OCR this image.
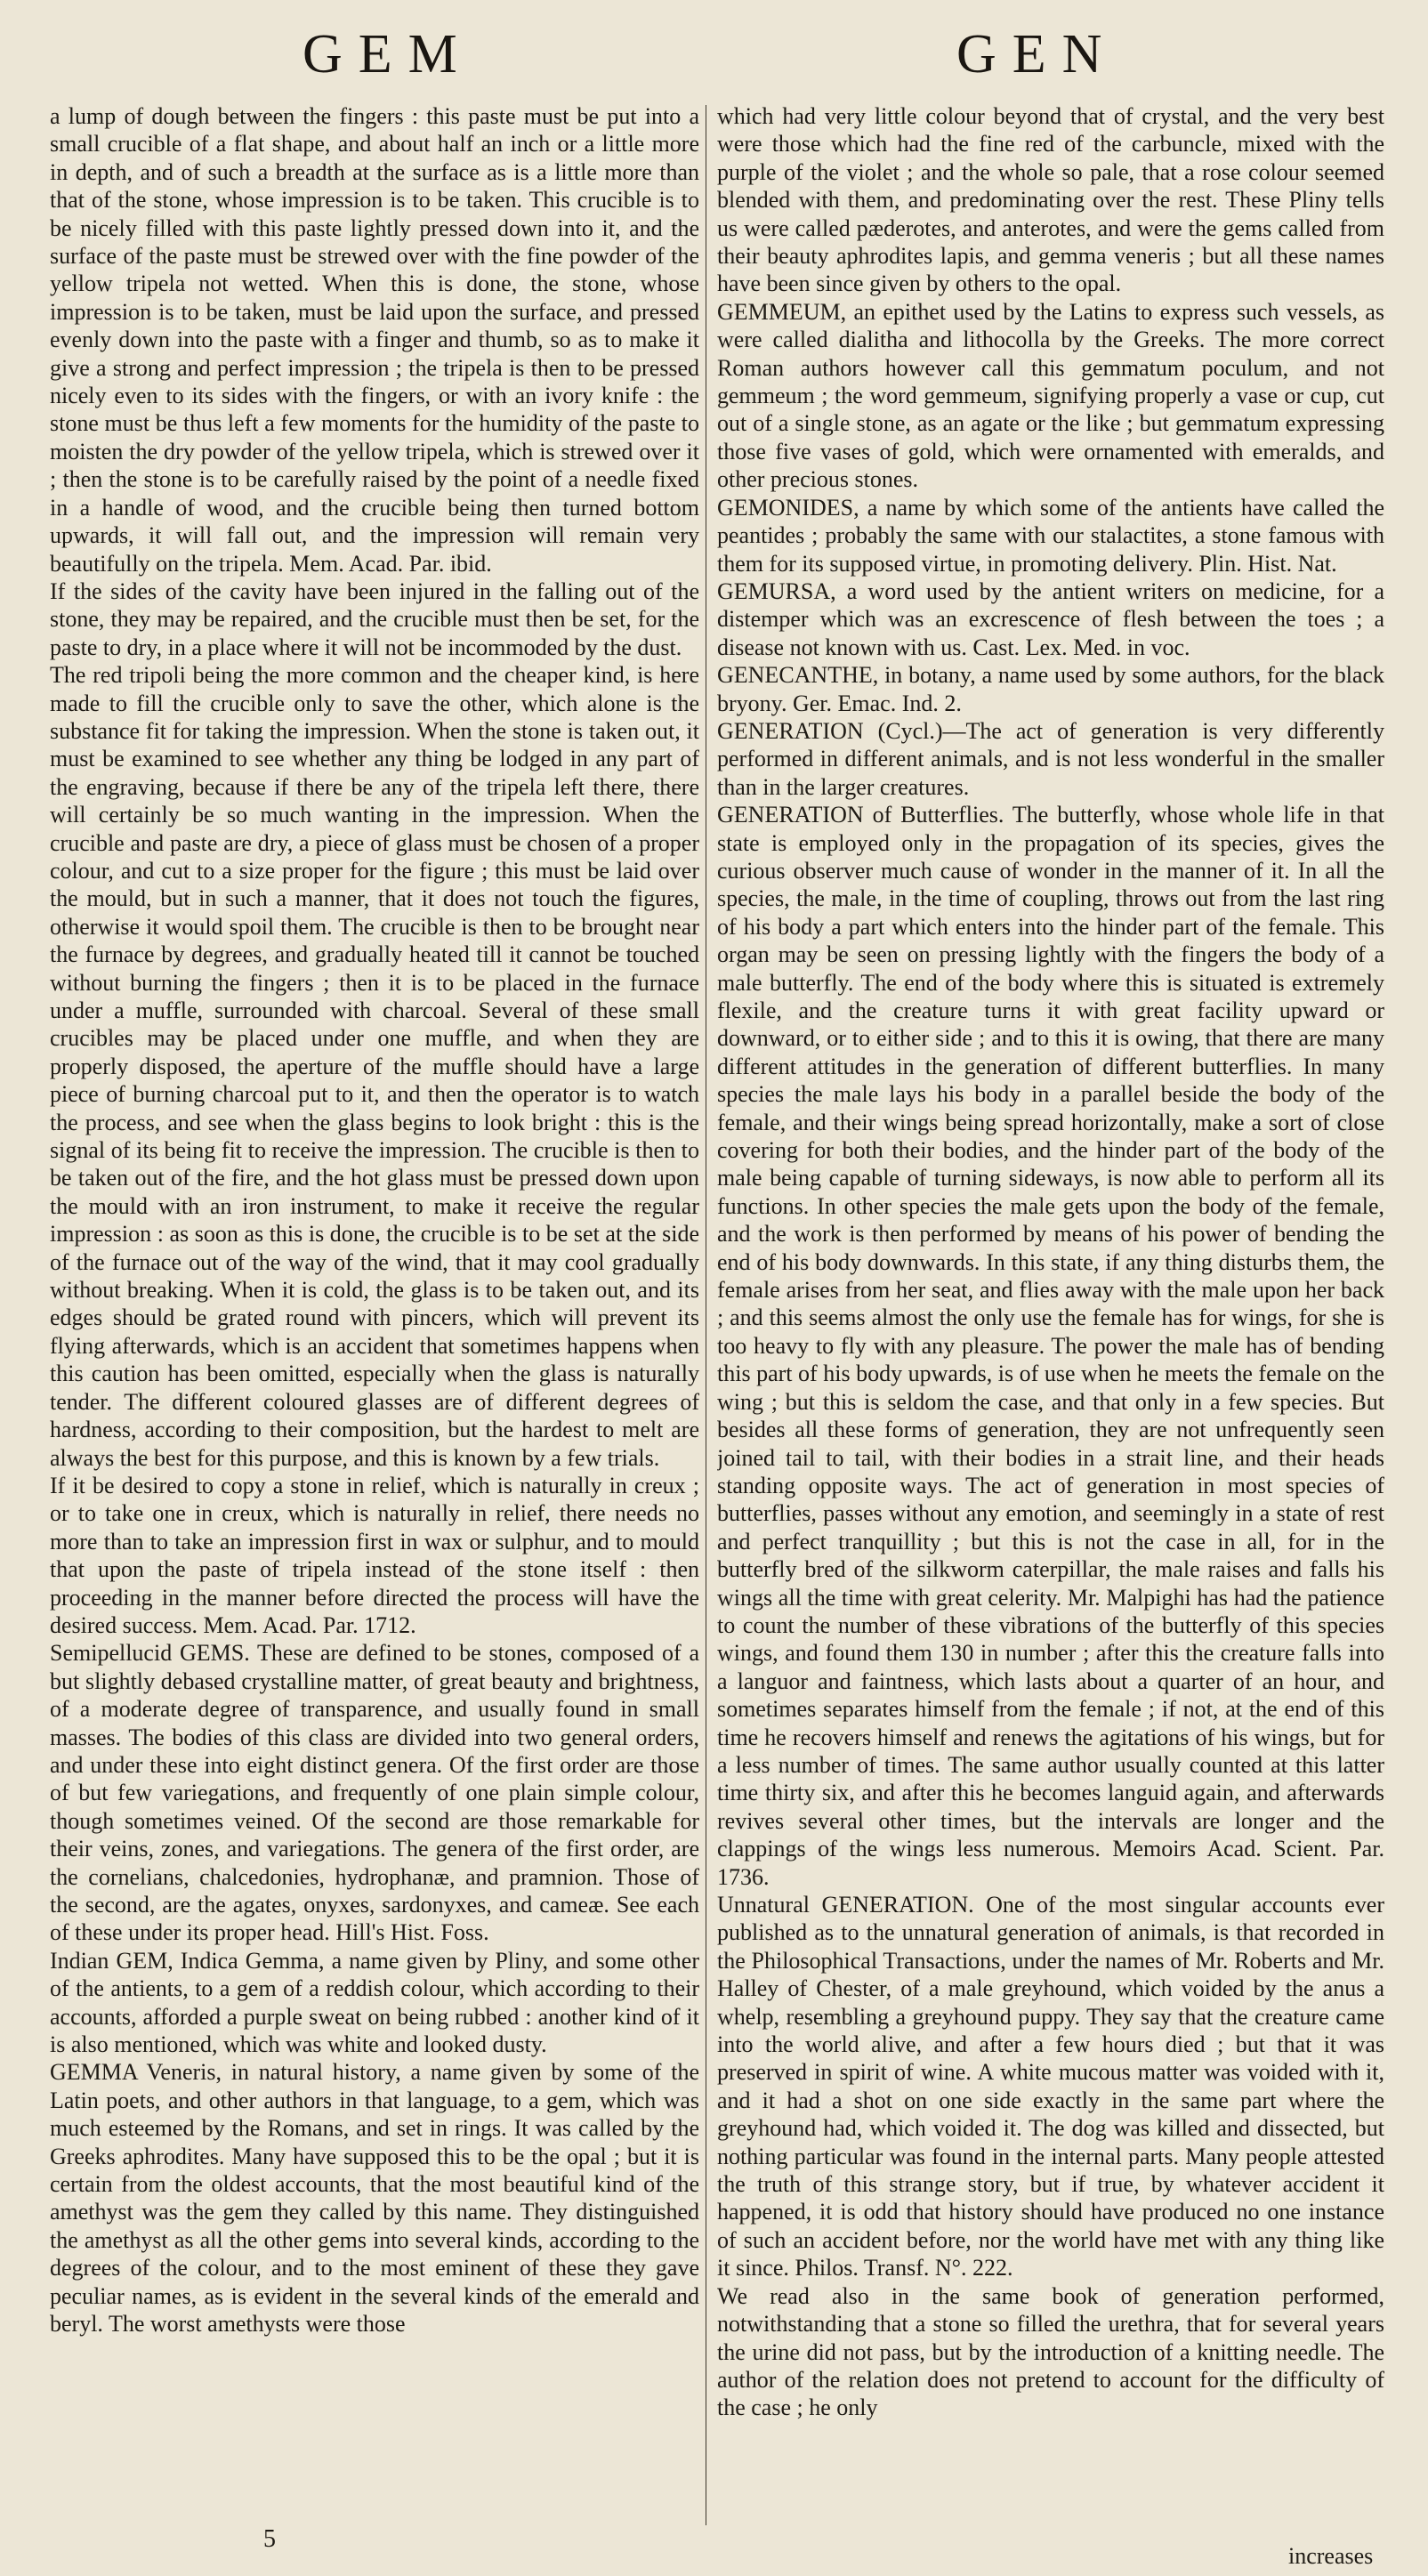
GEM	GEN

a lump of dough between the fingers : this paste must be put into a small crucible of a flat shape, and about half an inch or a little more in depth, and of such a breadth at the surface as is a little more than that of the stone, whose impression is to be taken. This crucible is to be nicely filled with this paste lightly pressed down into it, and the surface of the paste must be strewed over with the fine powder of the yellow tripela not wetted. When this is done, the stone, whose impression is to be taken, must be laid upon the surface, and pressed evenly down into the paste with a finger and thumb, so as to make it give a strong and perfect impression ; the tripela is then to be pressed nicely even to its sides with the fingers, or with an ivory knife : the stone must be thus left a few moments for the humidity of the paste to moisten the dry powder of the yellow tripela, which is strewed over it ; then the stone is to be carefully raised by the point of a needle fixed in a handle of wood, and the crucible being then turned bottom upwards, it will fall out, and the impression will remain very beautifully on the tripela. Mem. Acad. Par. ibid.

If the sides of the cavity have been injured in the falling out of the stone, they may be repaired, and the crucible must then be set, for the paste to dry, in a place where it will not be incommoded by the dust.

The red tripoli being the more common and the cheaper kind, is here made to fill the crucible only to save the other, which alone is the substance fit for taking the impression. When the stone is taken out, it must be examined to see whether any thing be lodged in any part of the engraving, because if there be any of the tripela left there, there will certainly be so much wanting in the impression. When the crucible and paste are dry, a piece of glass must be chosen of a proper colour, and cut to a size proper for the figure ; this must be laid over the mould, but in such a manner, that it does not touch the figures, otherwise it would spoil them. The crucible is then to be brought near the furnace by degrees, and gradually heated till it cannot be touched without burning the fingers ; then it is to be placed in the furnace under a muffle, surrounded with charcoal. Several of these small crucibles may be placed under one muffle, and when they are properly disposed, the aperture of the muffle should have a large piece of burning charcoal put to it, and then the operator is to watch the process, and see when the glass begins to look bright : this is the signal of its being fit to receive the impression. The crucible is then to be taken out of the fire, and the hot glass must be pressed down upon the mould with an iron instrument, to make it receive the regular impression : as soon as this is done, the crucible is to be set at the side of the furnace out of the way of the wind, that it may cool gradually without breaking. When it is cold, the glass is to be taken out, and its edges should be grated round with pincers, which will prevent its flying afterwards, which is an accident that sometimes happens when this caution has been omitted, especially when the glass is naturally tender. The different coloured glasses are of different degrees of hardness, according to their composition, but the hardest to melt are always the best for this purpose, and this is known by a few trials.

If it be desired to copy a stone in relief, which is naturally in creux ; or to take one in creux, which is naturally in relief, there needs no more than to take an impression first in wax or sulphur, and to mould that upon the paste of tripela instead of the stone itself : then proceeding in the manner before directed the process will have the desired success. Mem. Acad. Par. 1712.

Semipellucid GEMS. These are defined to be stones, composed of a but slightly debased crystalline matter, of great beauty and brightness, of a moderate degree of transparence, and usually found in small masses. The bodies of this class are divided into two general orders, and under these into eight distinct genera. Of the first order are those of but few variegations, and frequently of one plain simple colour, though sometimes veined. Of the second are those remarkable for their veins, zones, and variegations. The genera of the first order, are the cornelians, chalcedonies, hydrophanæ, and pramnion. Those of the second, are the agates, onyxes, sardonyxes, and cameæ. See each of these under its proper head. Hill's Hist. Foss.

Indian GEM, Indica Gemma, a name given by Pliny, and some other of the antients, to a gem of a reddish colour, which according to their accounts, afforded a purple sweat on being rubbed : another kind of it is also mentioned, which was white and looked dusty.

GEMMA Veneris, in natural history, a name given by some of the Latin poets, and other authors in that language, to a gem, which was much esteemed by the Romans, and set in rings. It was called by the Greeks aphrodites. Many have supposed this to be the opal ; but it is certain from the oldest accounts, that the most beautiful kind of the amethyst was the gem they called by this name. They distinguished the amethyst as all the other gems into several kinds, according to the degrees of the colour, and to the most eminent of these they gave peculiar names, as is evident in the several kinds of the emerald and beryl. The worst amethysts were those

which had very little colour beyond that of crystal, and the very best were those which had the fine red of the carbuncle, mixed with the purple of the violet ; and the whole so pale, that a rose colour seemed blended with them, and predominating over the rest. These Pliny tells us were called pæderotes, and anterotes, and were the gems called from their beauty aphrodites lapis, and gemma veneris ; but all these names have been since given by others to the opal.

GEMMEUM, an epithet used by the Latins to express such vessels, as were called dialitha and lithocolla by the Greeks. The more correct Roman authors however call this gemmatum poculum, and not gemmeum ; the word gemmeum, signifying properly a vase or cup, cut out of a single stone, as an agate or the like ; but gemmatum expressing those five vases of gold, which were ornamented with emeralds, and other precious stones.

GEMONIDES, a name by which some of the antients have called the peantides ; probably the same with our stalactites, a stone famous with them for its supposed virtue, in promoting delivery. Plin. Hist. Nat.

GEMURSA, a word used by the antient writers on medicine, for a distemper which was an excrescence of flesh between the toes ; a disease not known with us. Cast. Lex. Med. in voc.

GENECANTHE, in botany, a name used by some authors, for the black bryony. Ger. Emac. Ind. 2.

GENERATION (Cycl.)—The act of generation is very differently performed in different animals, and is not less wonderful in the smaller than in the larger creatures.

GENERATION of Butterflies. The butterfly, whose whole life in that state is employed only in the propagation of its species, gives the curious observer much cause of wonder in the manner of it. In all the species, the male, in the time of coupling, throws out from the last ring of his body a part which enters into the hinder part of the female. This organ may be seen on pressing lightly with the fingers the body of a male butterfly. The end of the body where this is situated is extremely flexile, and the creature turns it with great facility upward or downward, or to either side ; and to this it is owing, that there are many different attitudes in the generation of different butterflies. In many species the male lays his body in a parallel beside the body of the female, and their wings being spread horizontally, make a sort of close covering for both their bodies, and the hinder part of the body of the male being capable of turning sideways, is now able to perform all its functions. In other species the male gets upon the body of the female, and the work is then performed by means of his power of bending the end of his body downwards. In this state, if any thing disturbs them, the female arises from her seat, and flies away with the male upon her back ; and this seems almost the only use the female has for wings, for she is too heavy to fly with any pleasure. The power the male has of bending this part of his body upwards, is of use when he meets the female on the wing ; but this is seldom the case, and that only in a few species. But besides all these forms of generation, they are not unfrequently seen joined tail to tail, with their bodies in a strait line, and their heads standing opposite ways. The act of generation in most species of butterflies, passes without any emotion, and seemingly in a state of rest and perfect tranquillity ; but this is not the case in all, for in the butterfly bred of the silkworm caterpillar, the male raises and falls his wings all the time with great celerity. Mr. Malpighi has had the patience to count the number of these vibrations of the butterfly of this species wings, and found them 130 in number ; after this the creature falls into a languor and faintness, which lasts about a quarter of an hour, and sometimes separates himself from the female ; if not, at the end of this time he recovers himself and renews the agitations of his wings, but for a less number of times. The same author usually counted at this latter time thirty six, and after this he becomes languid again, and afterwards revives several other times, but the intervals are longer and the clappings of the wings less numerous. Memoirs Acad. Scient. Par. 1736.

Unnatural GENERATION. One of the most singular accounts ever published as to the unnatural generation of animals, is that recorded in the Philosophical Transactions, under the names of Mr. Roberts and Mr. Halley of Chester, of a male greyhound, which voided by the anus a whelp, resembling a greyhound puppy. They say that the creature came into the world alive, and after a few hours died ; but that it was preserved in spirit of wine. A white mucous matter was voided with it, and it had a shot on one side exactly in the same part where the greyhound had, which voided it. The dog was killed and dissected, but nothing particular was found in the internal parts. Many people attested the truth of this strange story, but if true, by whatever accident it happened, it is odd that history should have produced no one instance of such an accident before, nor the world have met with any thing like it since. Philos. Transf. N°. 222.

We read also in the same book of generation performed, notwithstanding that a stone so filled the urethra, that for several years the urine did not pass, but by the introduction of a knitting needle. The author of the relation does not pretend to account for the difficulty of the case ; he only

5
increases
